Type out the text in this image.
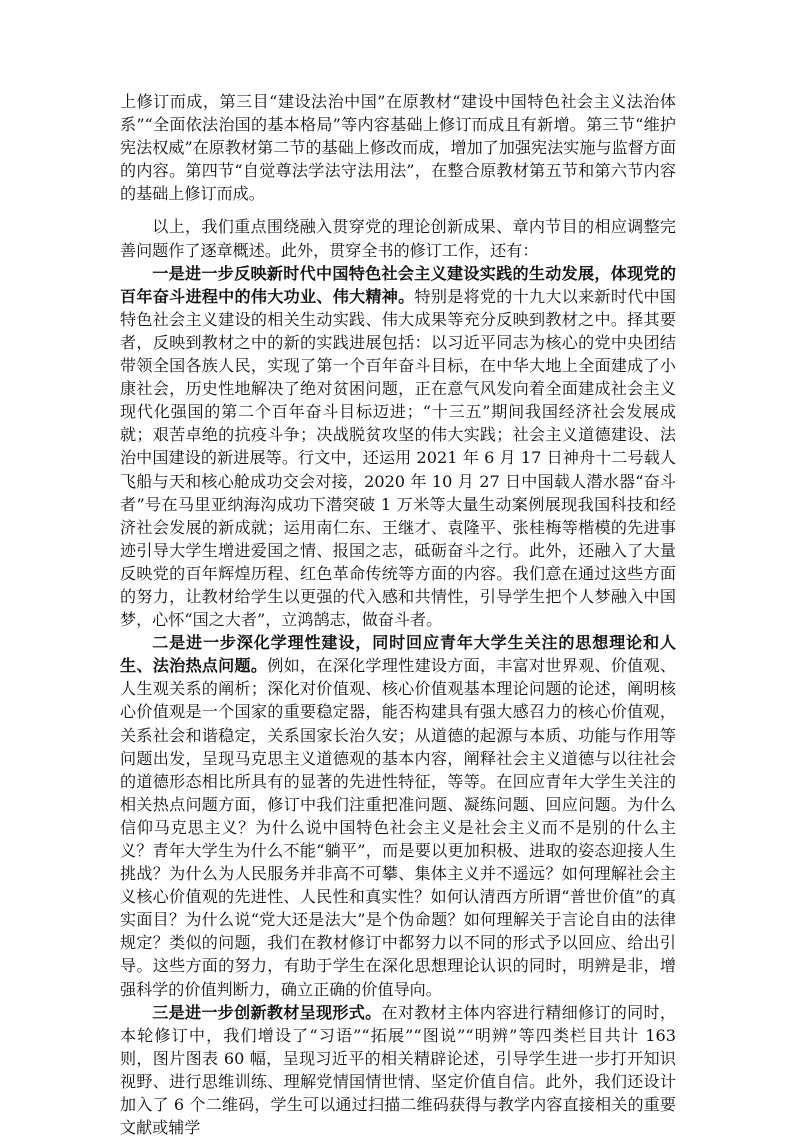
上修订而成，第三目“建设法治中国”在原教材“建设中国特色社会主义法治体系”“全面依法治国的基本格局”等内容基础上修订而成且有新增。第三节“维护宪法权威”在原教材第二节的基础上修改而成，增加了加强宪法实施与监督方面的内容。第四节“自觉尊法学法守法用法”，在整合原教材第五节和第六节内容的基础上修订而成。

以上，我们重点围绕融入贯穿党的理论创新成果、章内节目的相应调整完善问题作了逐章概述。此外，贯穿全书的修订工作，还有：

一是进一步反映新时代中国特色社会主义建设实践的生动发展，体现党的百年奋斗进程中的伟大功业、伟大精神。特别是将党的十九大以来新时代中国特色社会主义建设的相关生动实践、伟大成果等充分反映到教材之中。择其要者，反映到教材之中的新的实践进展包括：以习近平同志为核心的党中央团结带领全国各族人民，实现了第一个百年奋斗目标，在中华大地上全面建成了小康社会，历史性地解决了绝对贫困问题，正在意气风发向着全面建成社会主义现代化强国的第二个百年奋斗目标迈进；“十三五”期间我国经济社会发展成就；艰苦卓绝的抗疫斗争；决战脱贫攻坚的伟大实践；社会主义道德建设、法治中国建设的新进展等。行文中，还运用 2021 年 6 月 17 日神舟十二号载人飞船与天和核心舱成功交会对接，2020 年 10 月 27 日中国载人潜水器“奋斗者”号在马里亚纳海沟成功下潜突破 1 万米等大量生动案例展现我国科技和经济社会发展的新成就；运用南仁东、王继才、袁隆平、张桂梅等楷模的先进事迹引导大学生增进爱国之情、报国之志，砥砺奋斗之行。此外，还融入了大量反映党的百年辉煌历程、红色革命传统等方面的内容。我们意在通过这些方面的努力，让教材给学生以更强的代入感和共情性，引导学生把个人梦融入中国梦，心怀“国之大者”，立鸿鹄志，做奋斗者。

二是进一步深化学理性建设，同时回应青年大学生关注的思想理论和人生、法治热点问题。例如，在深化学理性建设方面，丰富对世界观、价值观、人生观关系的阐析；深化对价值观、核心价值观基本理论问题的论述，阐明核心价值观是一个国家的重要稳定器，能否构建具有强大感召力的核心价值观，关系社会和谐稳定，关系国家长治久安；从道德的起源与本质、功能与作用等问题出发，呈现马克思主义道德观的基本内容，阐释社会主义道德与以往社会的道德形态相比所具有的显著的先进性特征，等等。在回应青年大学生关注的相关热点问题方面，修订中我们注重把准问题、凝练问题、回应问题。为什么信仰马克思主义？为什么说中国特色社会主义是社会主义而不是别的什么主义？青年大学生为什么不能“躺平”，而是要以更加积极、进取的姿态迎接人生挑战？为什么为人民服务并非高不可攀、集体主义并不遥远？如何理解社会主义核心价值观的先进性、人民性和真实性？如何认清西方所谓“普世价值”的真实面目？为什么说“党大还是法大”是个伪命题？如何理解关于言论自由的法律规定？类似的问题，我们在教材修订中都努力以不同的形式予以回应、给出引导。这些方面的努力，有助于学生在深化思想理论认识的同时，明辨是非，增强科学的价值判断力，确立正确的价值导向。

三是进一步创新教材呈现形式。在对教材主体内容进行精细修订的同时，本轮修订中，我们增设了“习语”“拓展”“图说”“明辨”等四类栏目共计 163 则，图片图表 60 幅，呈现习近平的相关精辟论述，引导学生进一步打开知识视野、进行思维训练、理解党情国情世情、坚定价值自信。此外，我们还设计加入了 6 个二维码，学生可以通过扫描二维码获得与教学内容直接相关的重要文献或辅学
